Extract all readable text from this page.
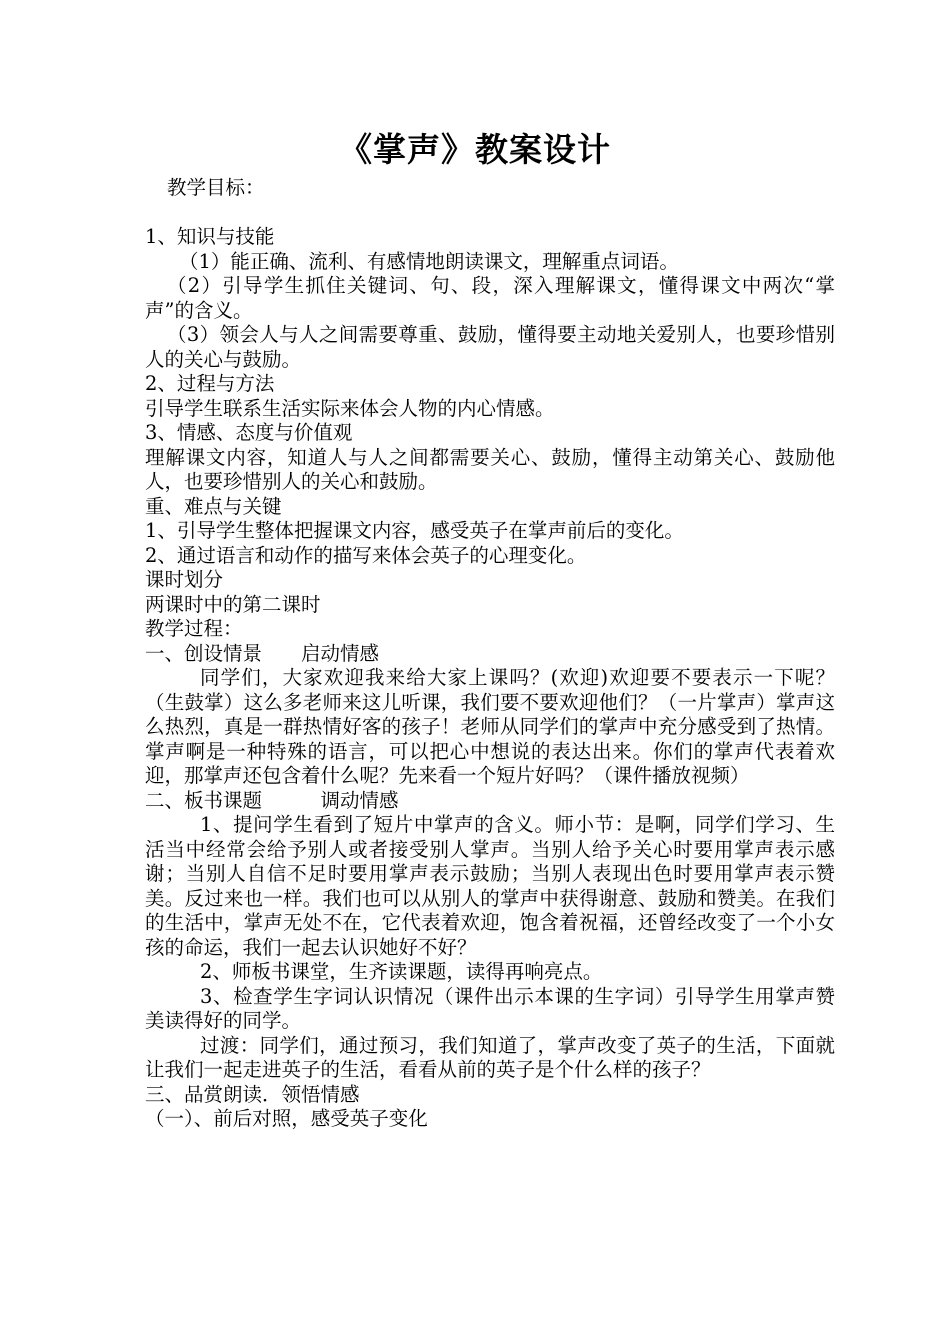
《掌声》教案设计

教学目标：

1、知识与技能

（1）能正确、流利、有感情地朗读课文，理解重点词语。

（2）引导学生抓住关键词、句、段，深入理解课文，懂得课文中两次“掌声”的含义。

（3）领会人与人之间需要尊重、鼓励，懂得要主动地关爱别人，也要珍惜别人的关心与鼓励。

2、过程与方法

引导学生联系生活实际来体会人物的内心情感。

3、情感、态度与价值观

理解课文内容，知道人与人之间都需要关心、鼓励，懂得主动第关心、鼓励他人，也要珍惜别人的关心和鼓励。

重、难点与关键

1、引导学生整体把握课文内容，感受英子在掌声前后的变化。

2、通过语言和动作的描写来体会英子的心理变化。

课时划分

两课时中的第二课时

教学过程：

一、创设情景　　启动情感

同学们，大家欢迎我来给大家上课吗？(欢迎)欢迎要不要表示一下呢？（生鼓掌）这么多老师来这儿听课，我们要不要欢迎他们？（一片掌声）掌声这么热烈，真是一群热情好客的孩子！老师从同学们的掌声中充分感受到了热情。掌声啊是一种特殊的语言，可以把心中想说的表达出来。你们的掌声代表着欢迎，那掌声还包含着什么呢？先来看一个短片好吗？（课件播放视频）

二、板书课题　　　调动情感

1、提问学生看到了短片中掌声的含义。师小节：是啊，同学们学习、生活当中经常会给予别人或者接受别人掌声。当别人给予关心时要用掌声表示感谢；当别人自信不足时要用掌声表示鼓励；当别人表现出色时要用掌声表示赞美。反过来也一样。我们也可以从别人的掌声中获得谢意、鼓励和赞美。在我们的生活中，掌声无处不在，它代表着欢迎，饱含着祝福，还曾经改变了一个小女孩的命运，我们一起去认识她好不好？

2、师板书课堂，生齐读课题，读得再响亮点。

3、检查学生字词认识情况（课件出示本课的生字词）引导学生用掌声赞美读得好的同学。

过渡：同学们，通过预习，我们知道了，掌声改变了英子的生活，下面就让我们一起走进英子的生活，看看从前的英子是个什么样的孩子？

三、品赏朗读．领悟情感

（一）、前后对照，感受英子变化
